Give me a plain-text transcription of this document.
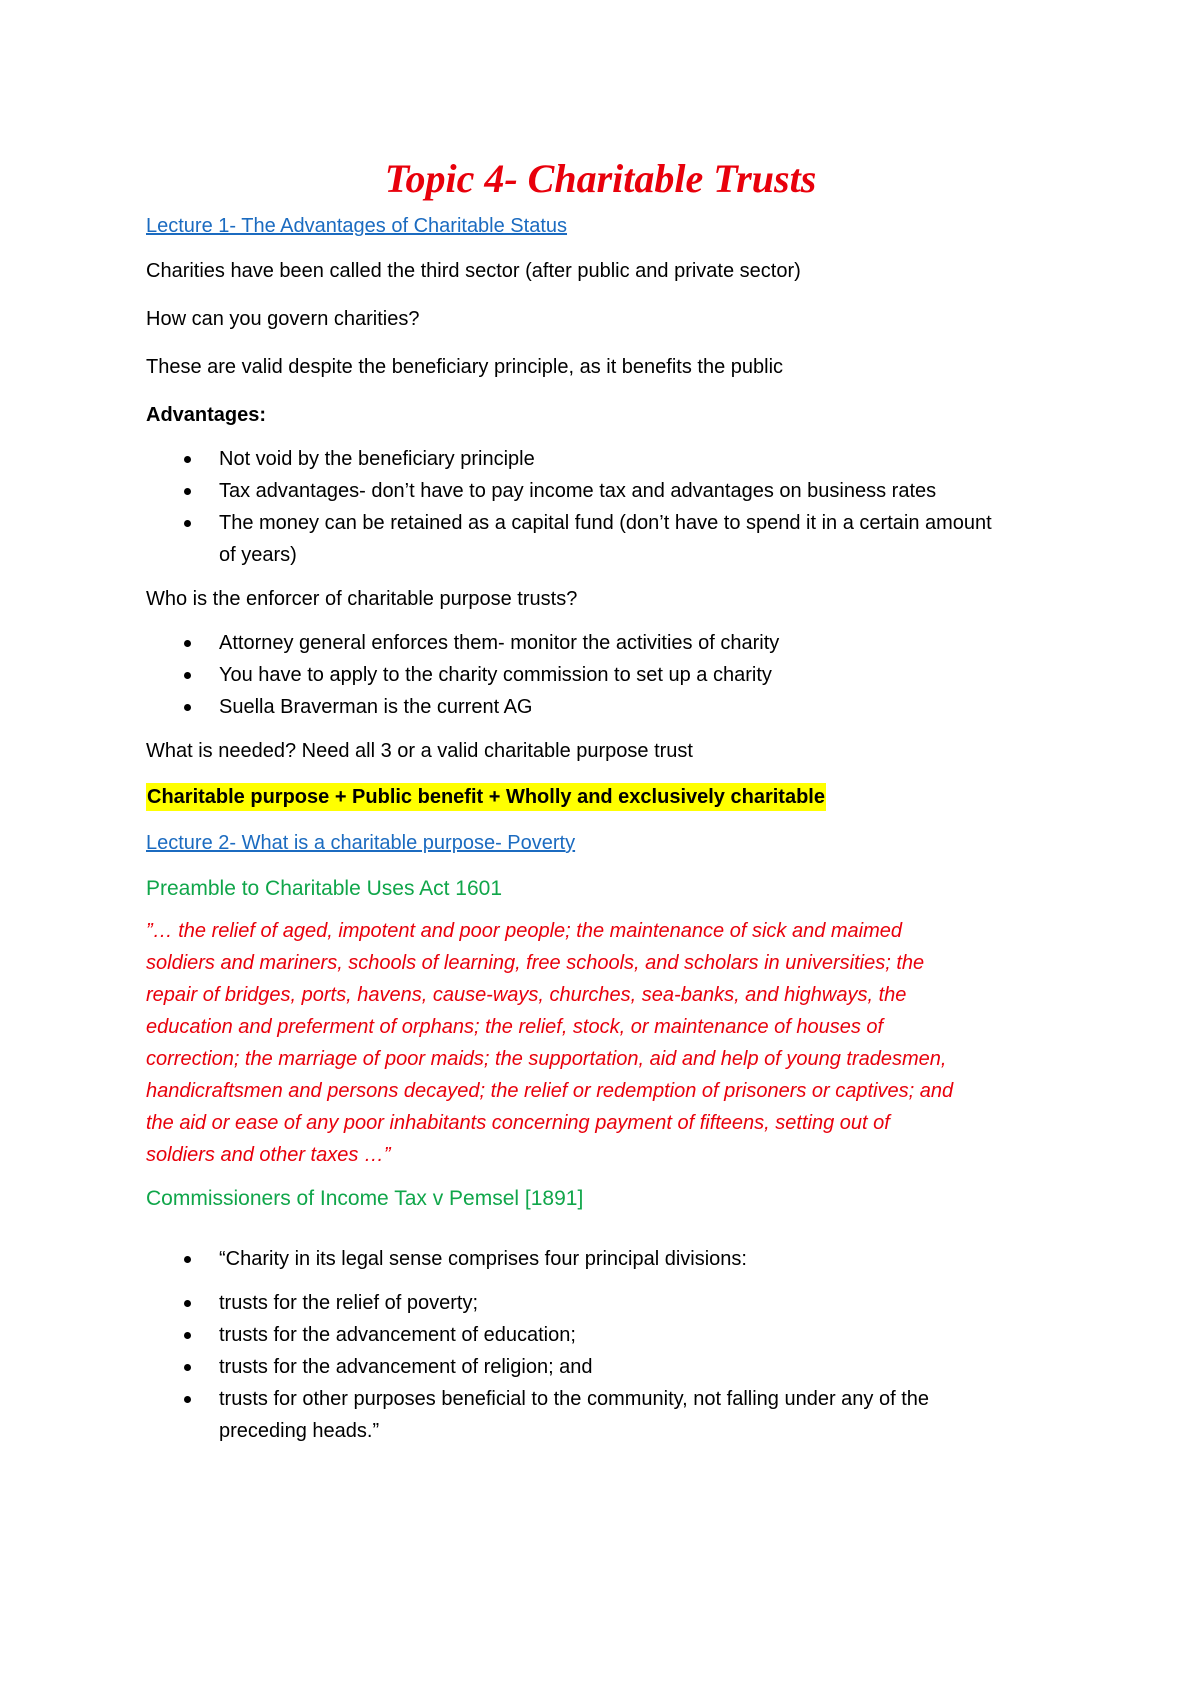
Topic 4- Charitable Trusts

Lecture 1- The Advantages of Charitable Status

Charities have been called the third sector (after public and private sector)

How can you govern charities?

These are valid despite the beneficiary principle, as it benefits the public

Advantages:

Not void by the beneficiary principle
Tax advantages- don’t have to pay income tax and advantages on business rates
The money can be retained as a capital fund (don’t have to spend it in a certain amount of years)

Who is the enforcer of charitable purpose trusts?

Attorney general enforces them- monitor the activities of charity
You have to apply to the charity commission to set up a charity
Suella Braverman is the current AG

What is needed? Need all 3 or a valid charitable purpose trust

Charitable purpose + Public benefit + Wholly and exclusively charitable

Lecture 2- What is a charitable purpose- Poverty

Preamble to Charitable Uses Act 1601

”… the relief of aged, impotent and poor people; the maintenance of sick and maimed

soldiers and mariners, schools of learning, free schools, and scholars in universities; the

repair of bridges, ports, havens, cause-ways, churches, sea-banks, and highways, the

education and preferment of orphans; the relief, stock, or maintenance of houses of

correction; the marriage of poor maids; the supportation, aid and help of young tradesmen,

handicraftsmen and persons decayed; the relief or redemption of prisoners or captives; and

the aid or ease of any poor inhabitants concerning payment of fifteens, setting out of

soldiers and other taxes …”

Commissioners of Income Tax v Pemsel [1891]

“Charity in its legal sense comprises four principal divisions:
trusts for the relief of poverty;
trusts for the advancement of education;
trusts for the advancement of religion; and
trusts for other purposes beneficial to the community, not falling under any of the
preceding heads.”
